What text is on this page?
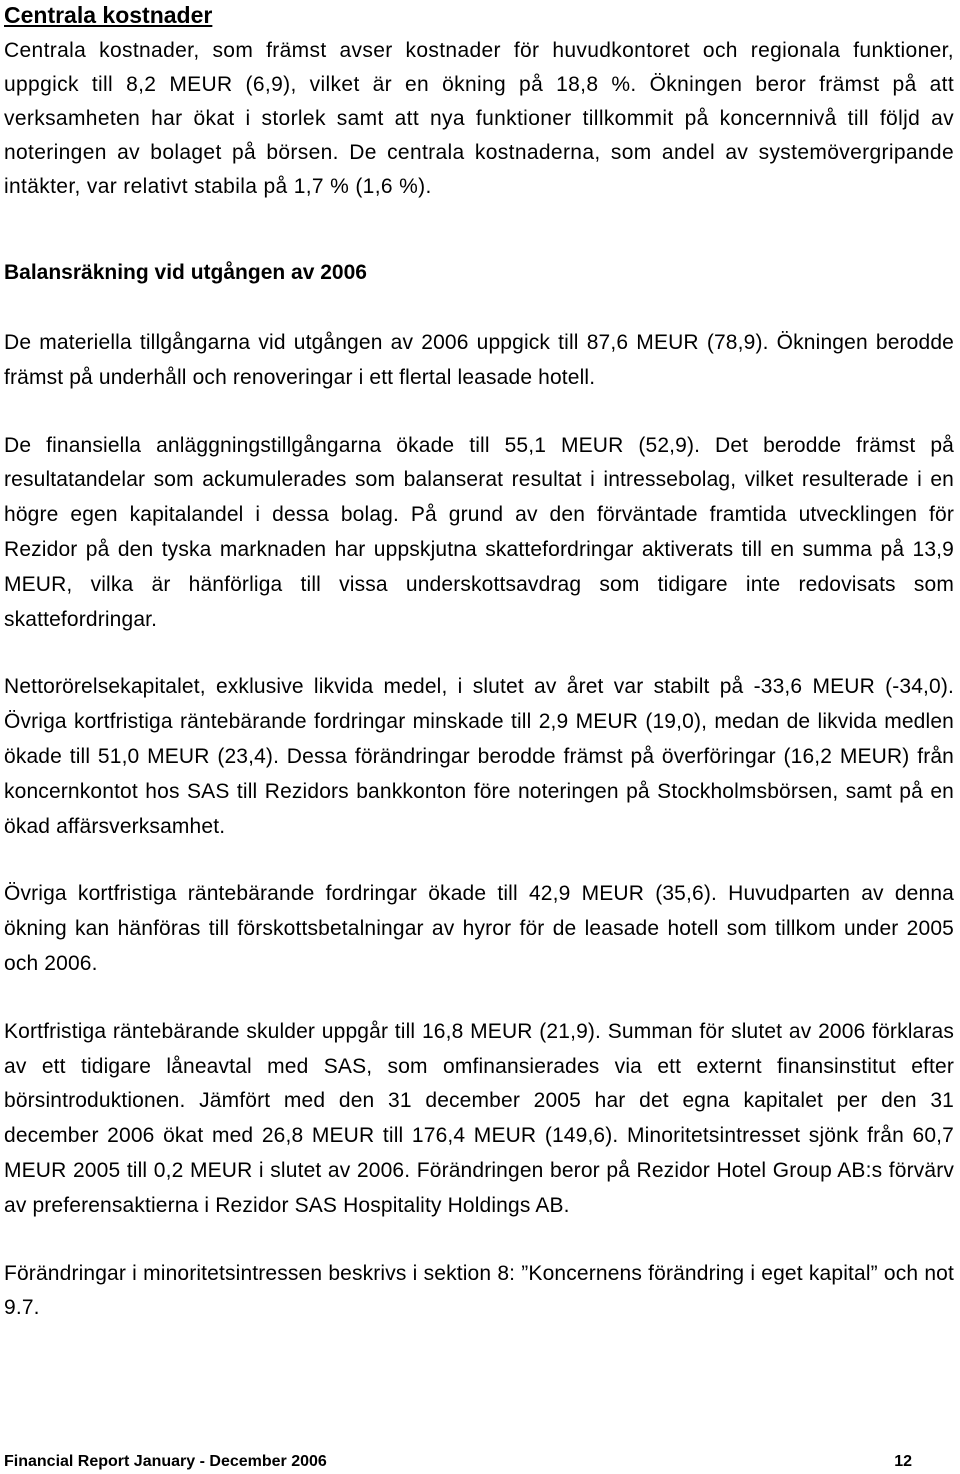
Centrala kostnader

Centrala kostnader, som främst avser kostnader för huvudkontoret och regionala funktioner, uppgick till 8,2 MEUR (6,9), vilket är en ökning på 18,8 %. Ökningen beror främst på att verksamheten har ökat i storlek samt att nya funktioner tillkommit på koncernnivå till följd av noteringen av bolaget på börsen. De centrala kostnaderna, som andel av systemövergripande intäkter, var relativt stabila på 1,7 % (1,6 %).

Balansräkning vid utgången av 2006

De materiella tillgångarna vid utgången av 2006 uppgick till 87,6 MEUR (78,9). Ökningen berodde främst på underhåll och renoveringar i ett flertal leasade hotell.

De finansiella anläggningstillgångarna ökade till 55,1 MEUR (52,9). Det berodde främst på resultatandelar som ackumulerades som balanserat resultat i intressebolag, vilket resulterade i en högre egen kapitalandel i dessa bolag. På grund av den förväntade framtida utvecklingen för Rezidor på den tyska marknaden har uppskjutna skattefordringar aktiverats till en summa på 13,9 MEUR, vilka är hänförliga till vissa underskottsavdrag som tidigare inte redovisats som skattefordringar.

Nettorörelsekapitalet, exklusive likvida medel, i slutet av året var stabilt på -33,6 MEUR (-34,0). Övriga kortfristiga räntebärande fordringar minskade till 2,9 MEUR (19,0), medan de likvida medlen ökade till 51,0 MEUR (23,4). Dessa förändringar berodde främst på överföringar (16,2 MEUR) från koncernkontot hos SAS till Rezidors bankkonton före noteringen på Stockholmsbörsen, samt på en ökad affärsverksamhet.

Övriga kortfristiga räntebärande fordringar ökade till 42,9 MEUR (35,6). Huvudparten av denna ökning kan hänföras till förskottsbetalningar av hyror för de leasade hotell som tillkom under 2005 och 2006.

Kortfristiga räntebärande skulder uppgår till 16,8 MEUR (21,9). Summan för slutet av 2006 förklaras av ett tidigare låneavtal med SAS, som omfinansierades via ett externt finansinstitut efter börsintroduktionen. Jämfört med den 31 december 2005 har det egna kapitalet per den 31 december 2006 ökat med 26,8 MEUR till 176,4 MEUR (149,6). Minoritetsintresset sjönk från 60,7 MEUR 2005 till 0,2 MEUR i slutet av 2006. Förändringen beror på Rezidor Hotel Group AB:s förvärv av preferensaktierna i Rezidor SAS Hospitality Holdings AB.

Förändringar i minoritetsintressen beskrivs i sektion 8: ”Koncernens förändring i eget kapital” och not 9.7.

Financial Report January - December 2006	12
